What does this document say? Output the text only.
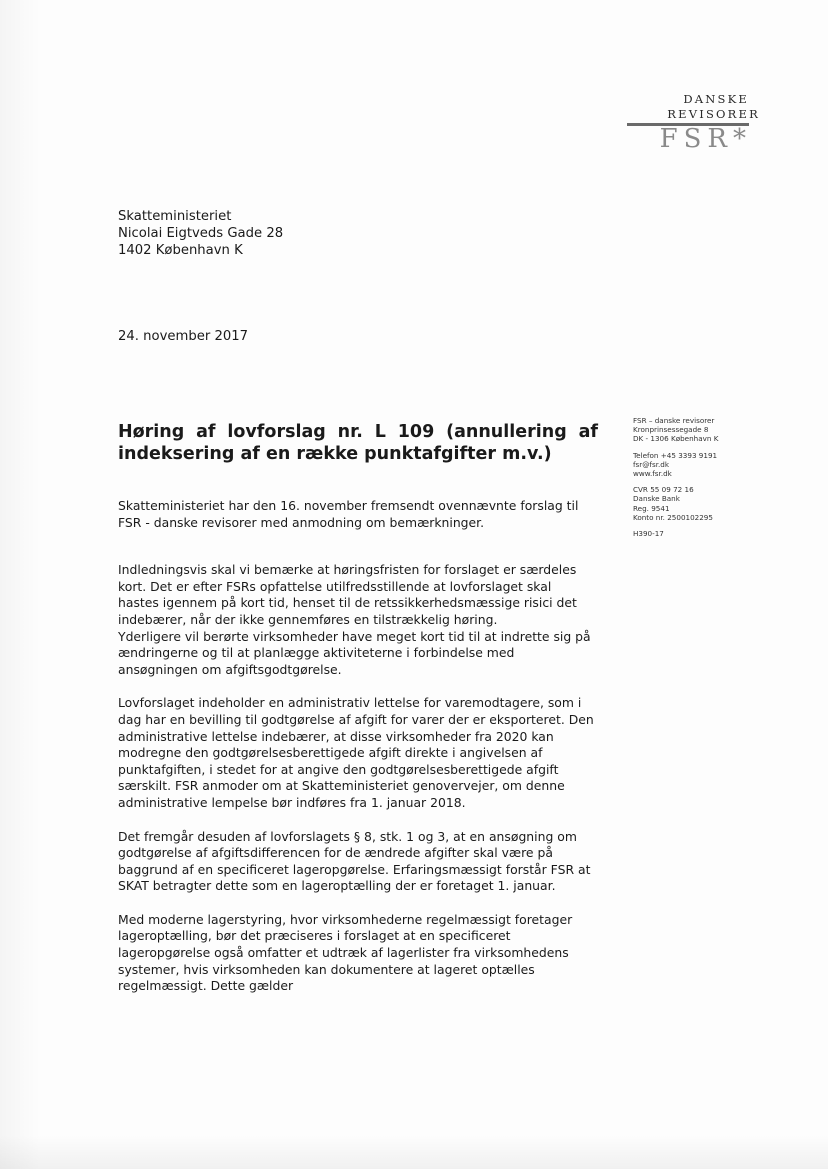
DANSKE
REVISORER
FSR*
Skatteministeriet
Nicolai Eigtveds Gade 28
1402 København K
24. november 2017
Høring af lovforslag nr. L 109 (annullering af indeksering af en række punktafgifter m.v.)
FSR – danske revisorer
Kronprinsessegade 8
DK - 1306 København K
Telefon +45 3393 9191
fsr@fsr.dk
www.fsr.dk
CVR 55 09 72 16
Danske Bank
Reg. 9541
Konto nr. 2500102295
H390-17

Skatteministeriet har den 16. november fremsendt ovennævnte forslag til FSR - danske revisorer med anmodning om bemærkninger.

Indledningsvis skal vi bemærke at høringsfristen for forslaget er særdeles kort. Det er efter FSRs opfattelse utilfredsstillende at lovforslaget skal hastes igennem på kort tid, henset til de retssikkerhedsmæssige risici det indebærer, når der ikke gennemføres en tilstrækkelig høring.

Yderligere vil berørte virksomheder have meget kort tid til at indrette sig på ændringerne og til at planlægge aktiviteterne i forbindelse med ansøgningen om afgiftsgodtgørelse.

Lovforslaget indeholder en administrativ lettelse for varemodtagere, som i dag har en bevilling til godtgørelse af afgift for varer der er eksporteret. Den administrative lettelse indebærer, at disse virksomheder fra 2020 kan modregne den godtgørelsesberettigede afgift direkte i angivelsen af punktafgiften, i stedet for at angive den godtgørelsesberettigede afgift særskilt. FSR anmoder om at Skatteministeriet genovervejer, om denne administrative lempelse bør indføres fra 1. januar 2018.

Det fremgår desuden af lovforslagets § 8, stk. 1 og 3, at en ansøgning om godtgørelse af afgiftsdifferencen for de ændrede afgifter skal være på baggrund af en specificeret lageropgørelse. Erfaringsmæssigt forstår FSR at SKAT betragter dette som en lageroptælling der er foretaget 1. januar.

Med moderne lagerstyring, hvor virksomhederne regelmæssigt foretager lageroptælling, bør det præciseres i forslaget at en specificeret lageropgørelse også omfatter et udtræk af lagerlister fra virksomhedens systemer, hvis virksomheden kan dokumentere at lageret optælles regelmæssigt. Dette gælder
